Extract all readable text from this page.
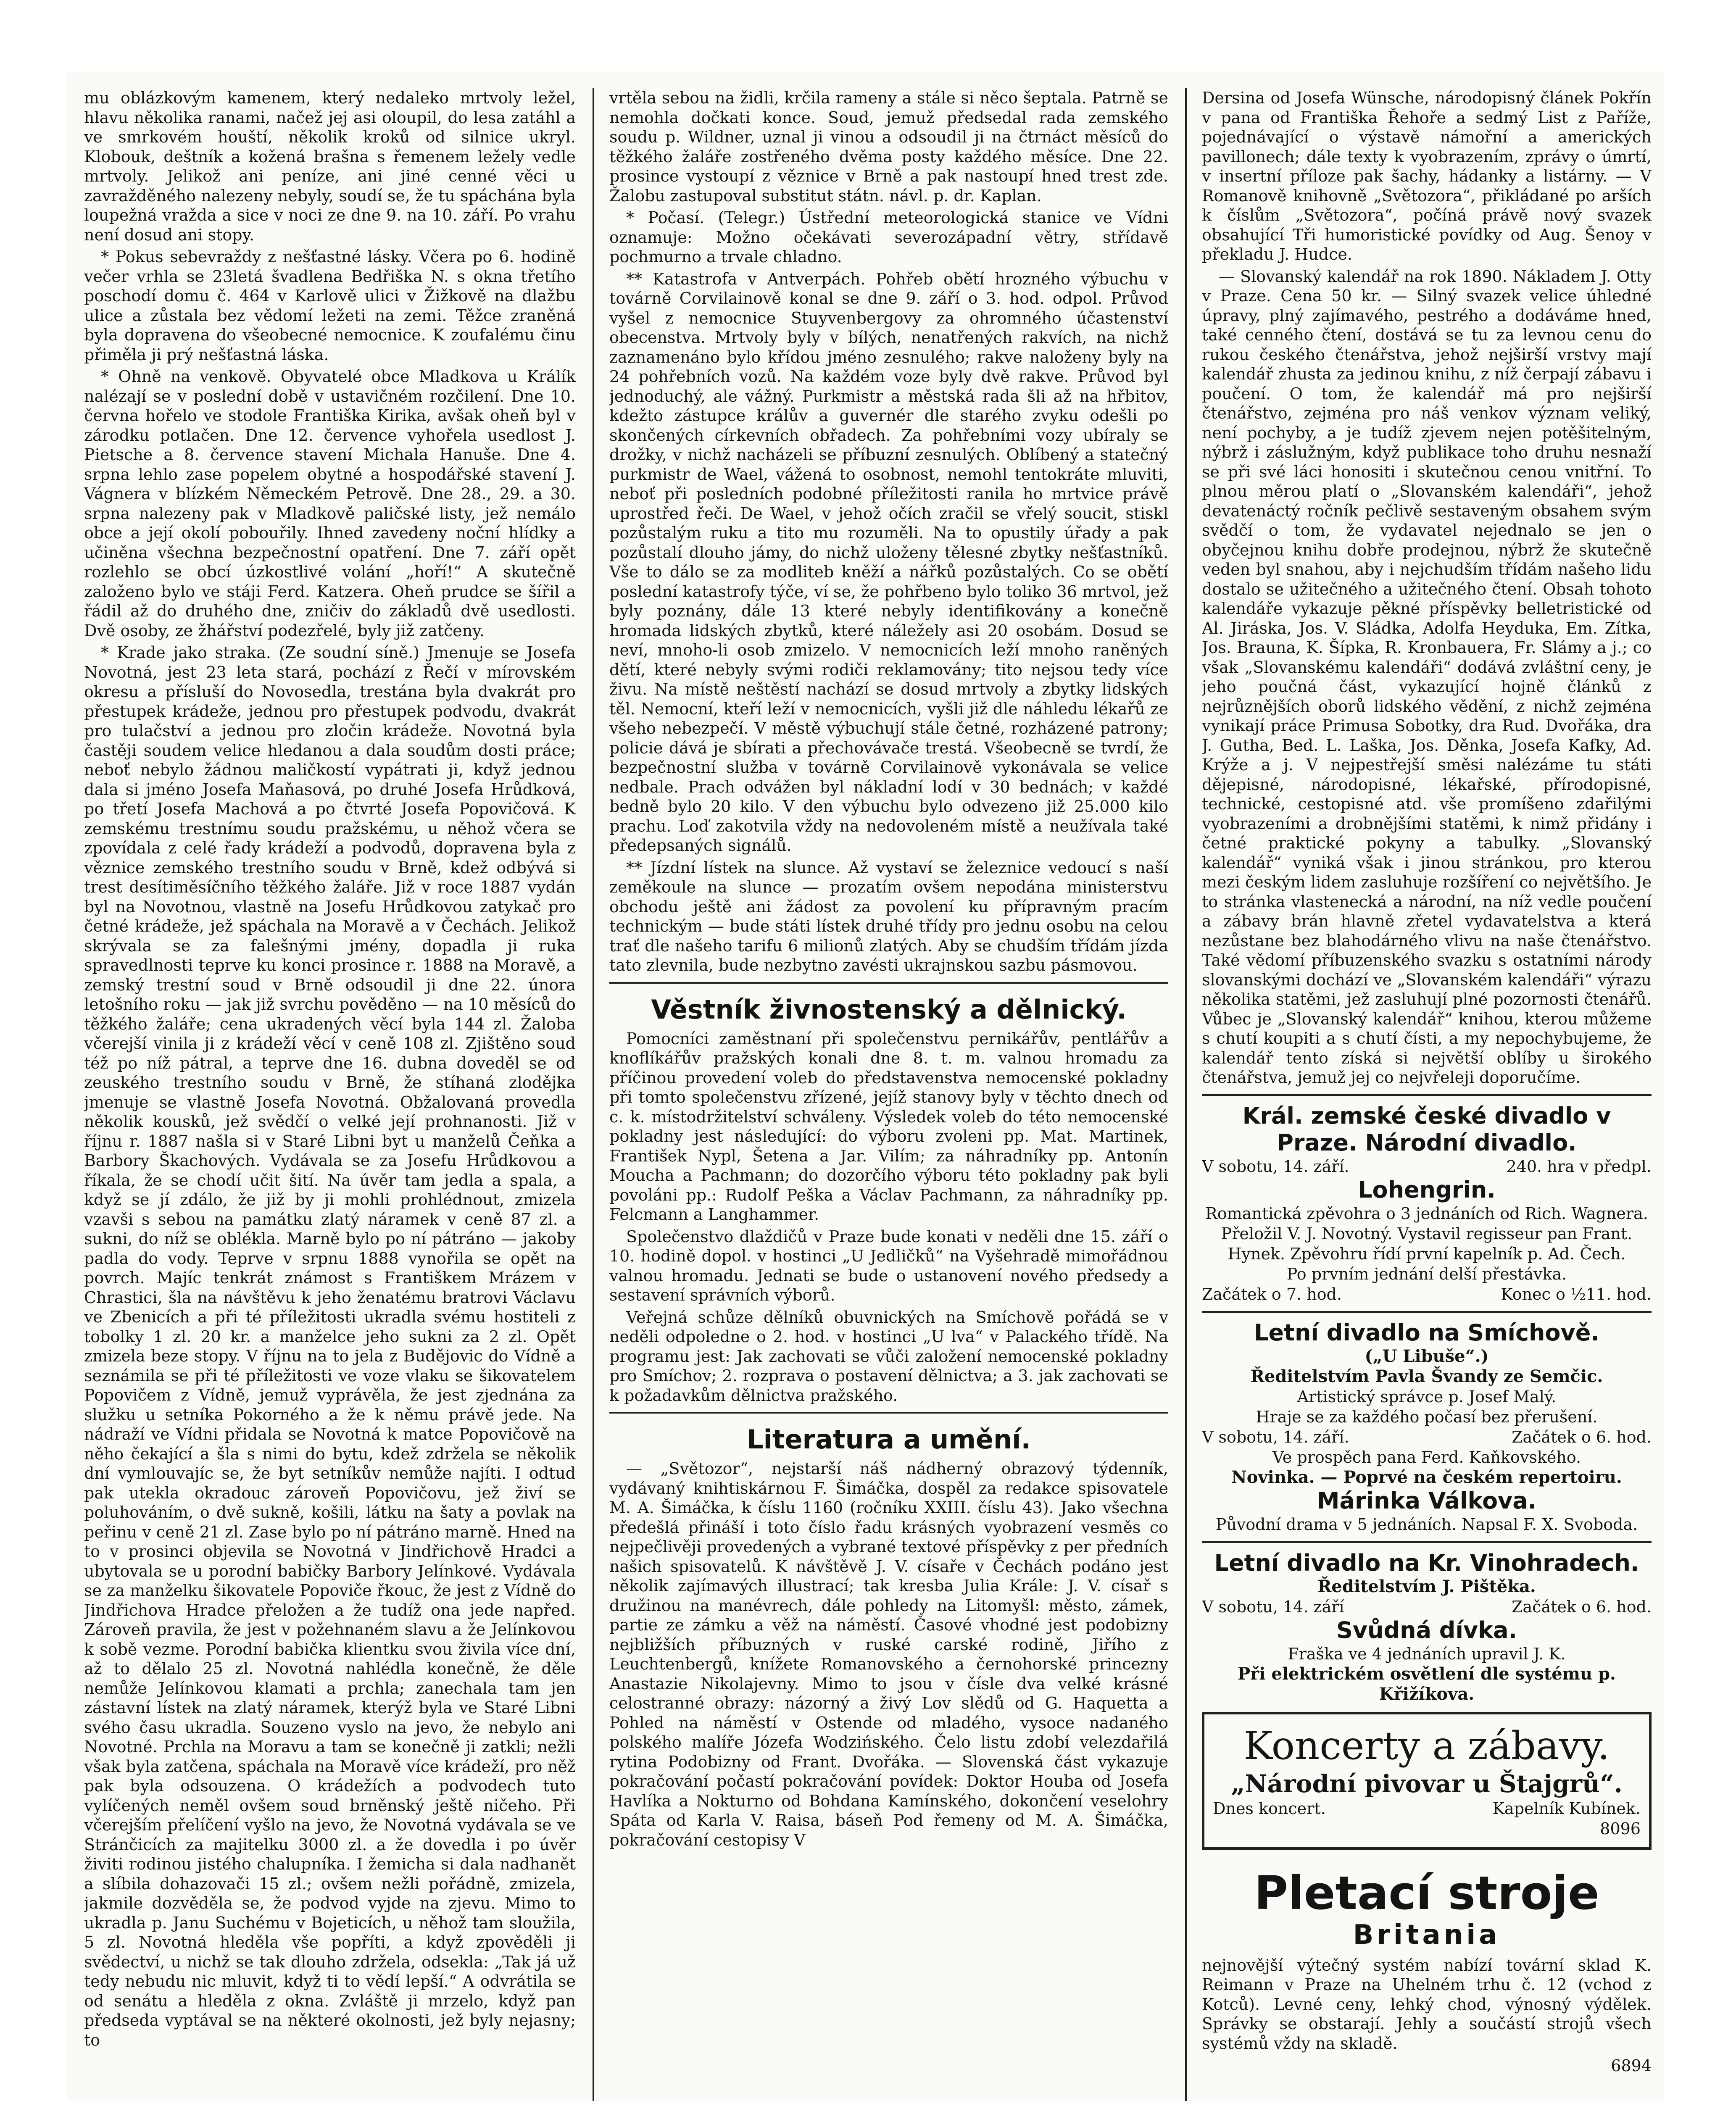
mu oblázkovým kamenem, který nedaleko mrtvoly ležel, hlavu několika ranami, načež jej asi oloupil, do lesa zatáhl a ve smrkovém houští, několik kroků od silnice ukryl. Klobouk, deštník a kožená brašna s řemenem ležely vedle mrtvoly. Jelikož ani peníze, ani jiné cenné věci u zavražděného nalezeny nebyly, soudí se, že tu spáchána byla loupežná vražda a sice v noci ze dne 9. na 10. září. Po vrahu není dosud ani stopy.

* Pokus sebevraždy z nešťastné lásky. Včera po 6. hodině večer vrhla se 23letá švadlena Bedřiška N. s okna třetího poschodí domu č. 464 v Karlově ulici v Žižkově na dlažbu ulice a zůstala bez vědomí ležeti na zemi. Těžce zraněná byla dopravena do všeobecné nemocnice. K zoufalému činu přiměla ji prý nešťastná láska.

* Ohně na venkově. Obyvatelé obce Mladkova u Králík nalézají se v poslední době v ustavičném rozčilení. Dne 10. června hořelo ve stodole Františka Kirika, avšak oheň byl v zárodku potlačen. Dne 12. července vyhořela usedlost J. Pietsche a 8. července stavení Michala Hanuše. Dne 4. srpna lehlo zase popelem obytné a hospodářské stavení J. Vágnera v blízkém Německém Petrově. Dne 28., 29. a 30. srpna nalezeny pak v Mladkově paličské listy, jež nemálo obce a její okolí pobouřily. Ihned zavedeny noční hlídky a učiněna všechna bezpečnostní opatření. Dne 7. září opět rozlehlo se obcí úzkostlivé volání „hoří!“ A skutečně založeno bylo ve stáji Ferd. Katzera. Oheň prudce se šířil a řádil až do druhého dne, zničiv do základů dvě usedlosti. Dvě osoby, ze žhářství podezřelé, byly již zatčeny.

* Krade jako straka. (Ze soudní síně.) Jmenuje se Josefa Novotná, jest 23 leta stará, pochází z Řečí v mírovském okresu a přísluší do Novosedla, trestána byla dvakrát pro přestupek krádeže, jednou pro přestupek podvodu, dvakrát pro tulačství a jednou pro zločin krádeže. Novotná byla častěji soudem velice hledanou a dala soudům dosti práce; neboť nebylo žádnou maličkostí vypátrati ji, když jednou dala si jméno Josefa Maňasová, po druhé Josefa Hrůdková, po třetí Josefa Machová a po čtvrté Josefa Popovičová. K zemskému trestnímu soudu pražskému, u něhož včera se zpovídala z celé řady krádeží a podvodů, dopravena byla z věznice zemského trestního soudu v Brně, kdež odbývá si trest desítiměsíčního těžkého žaláře. Již v roce 1887 vydán byl na Novotnou, vlastně na Josefu Hrůdkovou zatykač pro četné krádeže, jež spáchala na Moravě a v Čechách. Jelikož skrývala se za falešnými jmény, dopadla ji ruka spravedlnosti teprve ku konci prosince r. 1888 na Moravě, a zemský trestní soud v Brně odsoudil ji dne 22. února letošního roku — jak již svrchu pověděno — na 10 měsíců do těžkého žaláře; cena ukradených věcí byla 144 zl. Žaloba včerejší vinila ji z krádeží věcí v ceně 108 zl. Zjištěno soud též po níž pátral, a teprve dne 16. dubna doveděl se od zeuského trestního soudu v Brně, že stíhaná zlodějka jmenuje se vlastně Josefa Novotná. Obžalovaná provedla několik kousků, jež svědčí o velké její prohnanosti. Již v říjnu r. 1887 našla si v Staré Libni byt u manželů Čeňka a Barbory Škachových. Vydávala se za Josefu Hrůdkovou a říkala, že se chodí učit šití. Na úvěr tam jedla a spala, a když se jí zdálo, že již by ji mohli prohlédnout, zmizela vzavši s sebou na památku zlatý náramek v ceně 87 zl. a sukni, do níž se oblékla. Marně bylo po ní pátráno — jakoby padla do vody. Teprve v srpnu 1888 vynořila se opět na povrch. Majíc tenkrát známost s Františkem Mrázem v Chrastici, šla na návštěvu k jeho ženatému bratrovi Václavu ve Zbenicích a při té příležitosti ukradla svému hostiteli z tobolky 1 zl. 20 kr. a manželce jeho sukni za 2 zl. Opět zmizela beze stopy. V říjnu na to jela z Budějovic do Vídně a seznámila se při té příležitosti ve voze vlaku se šikovatelem Popovičem z Vídně, jemuž vyprávěla, že jest zjednána za služku u setníka Pokorného a že k němu právě jede. Na nádraží ve Vídni přidala se Novotná k matce Popovičově na něho čekající a šla s nimi do bytu, kdež zdržela se několik dní vymlouvajíc se, že byt setníkův nemůže najíti. I odtud pak utekla okradouc zároveň Popovičovu, jež živí se poluhováním, o dvě sukně, košili, látku na šaty a povlak na peřinu v ceně 21 zl. Zase bylo po ní pátráno marně. Hned na to v prosinci objevila se Novotná v Jindřichově Hradci a ubytovala se u porodní babičky Barbory Jelínkové. Vydávala se za manželku šikovatele Popoviče řkouc, že jest z Vídně do Jindřichova Hradce přeložen a že tudíž ona jede napřed. Zároveň pravila, že jest v požehnaném slavu a že Jelínkovou k sobě vezme. Porodní babička klientku svou živila více dní, až to dělalo 25 zl. Novotná nahlédla konečně, že děle nemůže Jelínkovou klamati a prchla; zanechala tam jen zástavní lístek na zlatý náramek, kterýž byla ve Staré Libni svého času ukradla. Souzeno vyslo na jevo, že nebylo ani Novotné. Prchla na Moravu a tam se konečně ji zatkli; nežli však byla zatčena, spáchala na Moravě více krádeží, pro něž pak byla odsouzena. O krádežích a podvodech tuto vylíčených neměl ovšem soud brněnský ještě ničeho. Při včerejším přelíčení vyšlo na jevo, že Novotná vydávala se ve Stránčicích za majitelku 3000 zl. a že dovedla i po úvěr živiti rodinou jistého chalupníka. I žemicha si dala nadhanět a slíbila dohazovači 15 zl.; ovšem nežli pořádně, zmizela, jakmile dozvěděla se, že podvod vyjde na zjevu. Mimo to ukradla p. Janu Suchému v Bojeticích, u něhož tam sloužila, 5 zl. Novotná hleděla vše popříti, a když zpověděli ji svědectví, u nichž se tak dlouho zdržela, odsekla: „Tak já už tedy nebudu nic mluvit, když ti to vědí lepší.“ A odvrátila se od senátu a hleděla z okna. Zvláště ji mrzelo, když pan předseda vyptával se na některé okolnosti, jež byly nejasny; to

vrtěla sebou na židli, krčila rameny a stále si něco šeptala. Patrně se nemohla dočkati konce. Soud, jemuž předsedal rada zemského soudu p. Wildner, uznal ji vinou a odsoudil ji na čtrnáct měsíců do těžkého žaláře zostřeného dvěma posty každého měsíce. Dne 22. prosince vystoupí z věznice v Brně a pak nastoupí hned trest zde. Žalobu zastupoval substitut státn. návl. p. dr. Kaplan.

* Počasí. (Telegr.) Ústřední meteorologická stanice ve Vídni oznamuje: Možno očekávati severozápadní větry, střídavě pochmurno a trvale chladno.

** Katastrofa v Antverpách. Pohřeb obětí hrozného výbuchu v továrně Corvilainově konal se dne 9. září o 3. hod. odpol. Průvod vyšel z nemocnice Stuyvenbergovy za ohromného účastenství obecenstva. Mrtvoly byly v bílých, nenatřených rakvích, na nichž zaznamenáno bylo křídou jméno zesnulého; rakve naloženy byly na 24 pohřebních vozů. Na každém voze byly dvě rakve. Průvod byl jednoduchý, ale vážný. Purkmistr a městská rada šli až na hřbitov, kdežto zástupce králův a guvernér dle starého zvyku odešli po skončených církevních obřadech. Za pohřebními vozy ubíraly se drožky, v nichž nacházeli se příbuzní zesnulých. Oblíbený a statečný purkmistr de Wael, vážená to osobnost, nemohl tentokráte mluviti, neboť při posledních podobné příležitosti ranila ho mrtvice právě uprostřed řeči. De Wael, v jehož očích zračil se vřelý soucit, stiskl pozůstalým ruku a tito mu rozuměli. Na to opustily úřady a pak pozůstalí dlouho jámy, do nichž uloženy tělesné zbytky nešťastníků. Vše to dálo se za modliteb kněží a nářků pozůstalých. Co se obětí poslední katastrofy týče, ví se, že pohřbeno bylo toliko 36 mrtvol, jež byly poznány, dále 13 které nebyly identifikovány a konečně hromada lidských zbytků, které náležely asi 20 osobám. Dosud se neví, mnoho-li osob zmizelo. V nemocnicích leží mnoho raněných dětí, které nebyly svými rodiči reklamovány; tito nejsou tedy více živu. Na místě neštěstí nachází se dosud mrtvoly a zbytky lidských těl. Nemocní, kteří leží v nemocnicích, vyšli již dle náhledu lékařů ze všeho nebezpečí. V městě výbuchují stále četné, rozházené patrony; policie dává je sbírati a přechovávače trestá. Všeobecně se tvrdí, že bezpečnostní služba v továrně Corvilainově vykonávala se velice nedbale. Prach odvážen byl nákladní lodí v 30 bednách; v každé bedně bylo 20 kilo. V den výbuchu bylo odvezeno již 25.000 kilo prachu. Loď zakotvila vždy na nedovoleném místě a neužívala také předepsaných signálů.

** Jízdní lístek na slunce. Až vystaví se železnice vedoucí s naší zeměkoule na slunce — prozatím ovšem nepodána ministerstvu obchodu ještě ani žádost za povolení ku přípravným pracím technickým — bude státi lístek druhé třídy pro jednu osobu na celou trať dle našeho tarifu 6 milionů zlatých. Aby se chudším třídám jízda tato zlevnila, bude nezbytno zavésti ukrajnskou sazbu pásmovou.

Věstník živnostenský a dělnický.

Pomocníci zaměstnaní při společenstvu pernikářův, pentlářův a knoflíkářův pražských konali dne 8. t. m. valnou hromadu za příčinou provedení voleb do představenstva nemocenské pokladny při tomto společenstvu zřízené, jejíž stanovy byly v těchto dnech od c. k. místodržitelství schváleny. Výsledek voleb do této nemocenské pokladny jest následující: do výboru zvoleni pp. Mat. Martinek, František Nypl, Šetena a Jar. Vilím; za náhradníky pp. Antonín Moucha a Pachmann; do dozorčího výboru této pokladny pak byli povoláni pp.: Rudolf Peška a Václav Pachmann, za náhradníky pp. Felcmann a Langhammer.

Společenstvo dlaždičů v Praze bude konati v neděli dne 15. září o 10. hodině dopol. v hostinci „U Jedličků“ na Vyšehradě mimořádnou valnou hromadu. Jednati se bude o ustanovení nového předsedy a sestavení správních výborů.

Veřejná schůze dělníků obuvnických na Smíchově pořádá se v neděli odpoledne o 2. hod. v hostinci „U lva“ v Palackého třídě. Na programu jest: Jak zachovati se vůči založení nemocenské pokladny pro Smíchov; 2. rozprava o postavení dělnictva; a 3. jak zachovati se k požadavkům dělnictva pražského.

Literatura a umění.

— „Světozor“, nejstarší náš nádherný obrazový týdenník, vydávaný knihtiskárnou F. Šimáčka, dospěl za redakce spisovatele M. A. Šimáčka, k číslu 1160 (ročníku XXIII. číslu 43). Jako všechna předešlá přináší i toto číslo řadu krásných vyobrazení vesměs co nejpečlivěji provedených a vybrané textové příspěvky z per předních našich spisovatelů. K návštěvě J. V. císaře v Čechách podáno jest několik zajímavých illustrací; tak kresba Julia Krále: J. V. císař s družinou na manévrech, dále pohledy na Litomyšl: město, zámek, partie ze zámku a věž na náměstí. Časové vhodné jest podobizny nejbližších příbuzných v ruské carské rodině, Jiřího z Leuchtenbergů, knížete Romanovského a černohorské princezny Anastazie Nikolajevny. Mimo to jsou v čísle dva velké krásné celostranné obrazy: názorný a živý Lov slědů od G. Haquetta a Pohled na náměstí v Ostende od mladého, vysoce nadaného polského malíře Józefa Wodzińského. Čelo listu zdobí velezdařilá rytina Podobizny od Frant. Dvořáka. — Slovenská část vykazuje pokračování počastí pokračování povídek: Doktor Houba od Josefa Havlíka a Nokturno od Bohdana Kamínského, dokončení veselohry Spáta od Karla V. Raisa, báseň Pod řemeny od M. A. Šimáčka, pokračování cestopisy V

Dersina od Josefa Wünsche, národopisný článek Pokřín v pana od Františka Řehoře a sedmý List z Paříže, pojednávající o výstavě námořní a amerických pavillonech; dále texty k vyobrazením, zprávy o úmrtí, v insertní příloze pak šachy, hádanky a listárny. — V Romanově knihovně „Světozora“, přikládané po arších k číslům „Světozora“, počíná právě nový svazek obsahující Tři humoristické povídky od Aug. Šenoy v překladu J. Hudce.

— Slovanský kalendář na rok 1890. Nákladem J. Otty v Praze. Cena 50 kr. — Silný svazek velice úhledné úpravy, plný zajímavého, pestrého a dodáváme hned, také cenného čtení, dostává se tu za levnou cenu do rukou českého čtenářstva, jehož nejširší vrstvy mají kalendář zhusta za jedinou knihu, z níž čerpají zábavu i poučení. O tom, že kalendář má pro nejširší čtenářstvo, zejména pro náš venkov význam veliký, není pochyby, a je tudíž zjevem nejen potěšitelným, nýbrž i záslužným, když publikace toho druhu nesnaží se při své láci honositi i skutečnou cenou vnitřní. To plnou měrou platí o „Slovanském kalendáři“, jehož devatenáctý ročník pečlivě sestaveným obsahem svým svědčí o tom, že vydavatel nejednalo se jen o obyčejnou knihu dobře prodejnou, nýbrž že skutečně veden byl snahou, aby i nejchudším třídám našeho lidu dostalo se užitečného a užitečného čtení. Obsah tohoto kalendáře vykazuje pěkné příspěvky belletristické od Al. Jiráska, Jos. V. Sládka, Adolfa Heyduka, Em. Zítka, Jos. Brauna, K. Šípka, R. Kronbauera, Fr. Slámy a j.; co však „Slovanskému kalendáři“ dodává zvláštní ceny, je jeho poučná část, vykazující hojně článků z nejrůznějších oborů lidského vědění, z nichž zejména vynikají práce Primusa Sobotky, dra Rud. Dvořáka, dra J. Gutha, Bed. L. Laška, Jos. Děnka, Josefa Kafky, Ad. Krýže a j. V nejpestřejší směsi nalézáme tu státi dějepisné, národopisné, lékařské, přírodopisné, technické, cestopisné atd. vše promíšeno zdařilými vyobrazeními a drobnějšími statěmi, k nimž přidány i četné praktické pokyny a tabulky. „Slovanský kalendář“ vyniká však i jinou stránkou, pro kterou mezi českým lidem zasluhuje rozšíření co největšího. Je to stránka vlastenecká a národní, na níž vedle poučení a zábavy brán hlavně zřetel vydavatelstva a která nezůstane bez blahodárného vlivu na naše čtenářstvo. Také vědomí příbuzenského svazku s ostatními národy slovanskými dochází ve „Slovanském kalendáři“ výrazu několika statěmi, jež zasluhují plné pozornosti čtenářů. Vůbec je „Slovanský kalendář“ knihou, kterou můžeme s chutí koupiti a s chutí čísti, a my nepochybujeme, že kalendář tento získá si největší oblíby u širokého čtenářstva, jemuž jej co nejvřeleji doporučíme.

Král. zemské české divadlo v Praze. Národní divadlo.
V sobotu, 14. září.	240. hra v předpl.
Lohengrin.
Romantická zpěvohra o 3 jednáních od Rich. Wagnera.
Přeložil V. J. Novotný. Vystavil regisseur pan Frant. Hynek. Zpěvohru řídí první kapelník p. Ad. Čech.
Po prvním jednání delší přestávka.
Začátek o 7. hod.	Konec o ½11. hod.
Letní divadlo na Smíchově.
(„U Libuše“.)
Ředitelstvím Pavla Švandy ze Semčic.
Artistický správce p. Josef Malý.
Hraje se za každého počasí bez přerušení.
V sobotu, 14. září.	Začátek o 6. hod.
Ve prospěch pana Ferd. Kaňkovského.
Novinka. — Poprvé na českém repertoiru.
Márinka Válkova.
Původní drama v 5 jednáních. Napsal F. X. Svoboda.
Letní divadlo na Kr. Vinohradech.
Ředitelstvím J. Pištěka.
V sobotu, 14. září	Začátek o 6. hod.
Svůdná dívka.
Fraška ve 4 jednáních upravil J. K.
Při elektrickém osvětlení dle systému p. Křižíkova.
Koncerty a zábavy.
„Národní pivovar u Štajgrů“.
Dnes koncert.	Kapelník Kubínek.
8096
Pletací stroje
Britania

nejnovější výtečný systém nabízí tovární sklad K. Reimann v Praze na Uhelném trhu č. 12 (vchod z Kotců). Levné ceny, lehký chod, výnosný výdělek. Správky se obstarají. Jehly a součástí strojů všech systémů vždy na skladě.

6894
